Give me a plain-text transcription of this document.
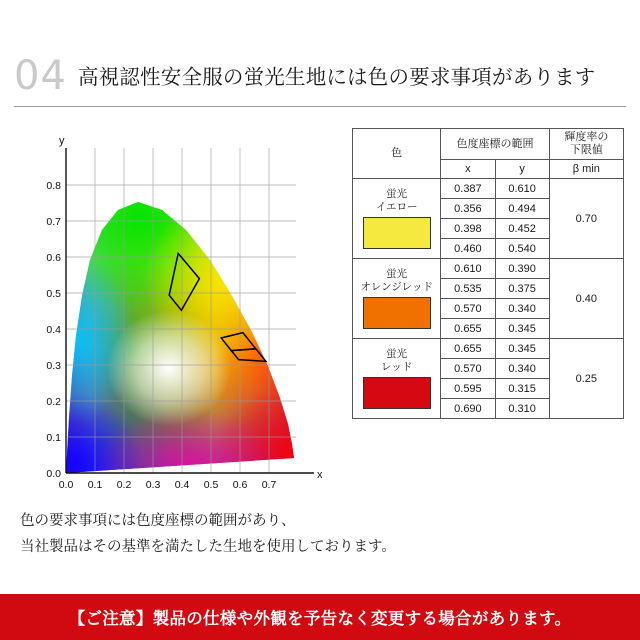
04 高視認性安全服の蛍光生地には色の要求事項があります
y
x
0.0
0.1
0.2
0.3
0.4
0.5
0.6
0.7
0.8
0.0 0.1 0.2 0.3 0.4 0.5 0.6 0.7
色	色度座標の範囲		輝度率の
下限値
	x	y	β min

蛍光
イエロー	0.387	0.610	0.70
	0.356	0.494	
	0.398	0.452	
	0.460	0.540	

蛍光
オレンジレッド	0.610	0.390	0.40
	0.535	0.375	
	0.570	0.340	
	0.655	0.345	

蛍光
レッド	0.655	0.345	0.25
	0.570	0.340	
	0.595	0.315	
	0.690	0.310	
色の要求事項には色度座標の範囲があり、
当社製品はその基準を満たした生地を使用しております。
【ご注意】製品の仕様や外観を予告なく変更する場合があります。
